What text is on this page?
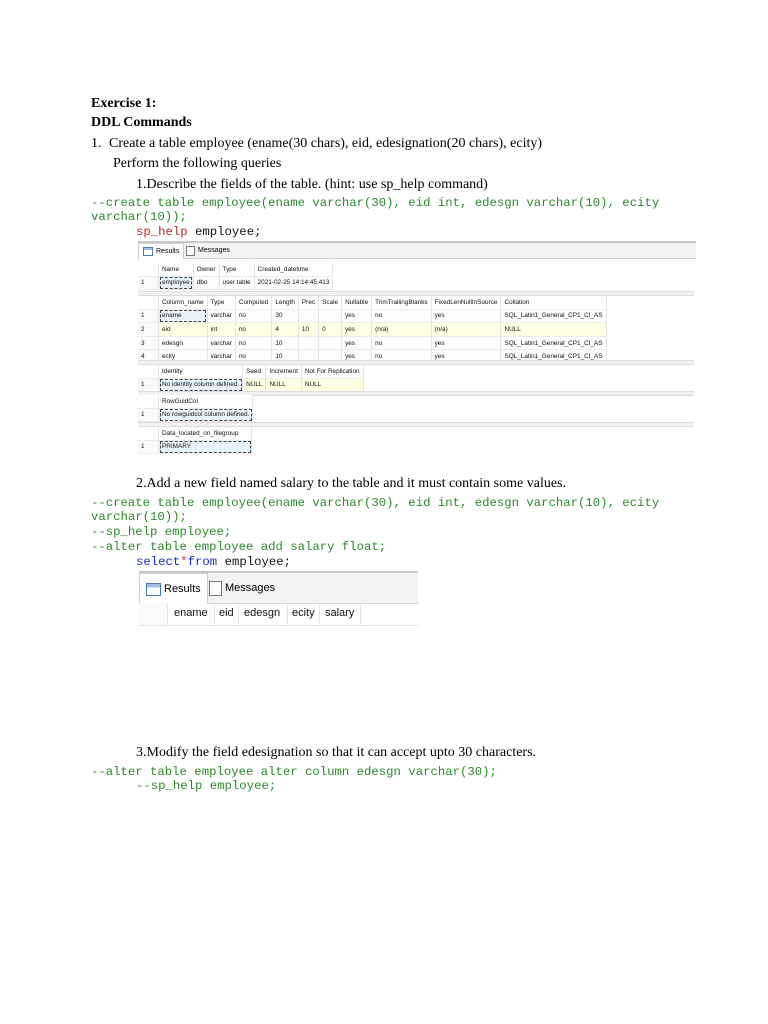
Exercise 1:
DDL Commands
1. Create a table employee (ename(30 chars), eid, edesignation(20 chars), ecity)
Perform the following queries
1.Describe the fields of the table. (hint: use sp_help command)
--create table employee(ename varchar(30), eid int, edesgn varchar(10), ecity
varchar(10));
sp_help employee;
Results	Messages
	Name	Owner	Type	Created_datetime
1	employee	dbo	user table	2021-02-25 14:14:45.413
	Column_name	Type	Computed	Length	Prec	Scale	Nullable	TrimTrailingBlanks	FixedLenNullInSource	Collation
1	ename	varchar	no	30			yes	no	yes	SQL_Latin1_General_CP1_CI_AS
2	eid	int	no	4	10	0	yes	(n/a)	(n/a)	NULL
3	edesgn	varchar	no	10			yes	no	yes	SQL_Latin1_General_CP1_CI_AS
4	ecity	varchar	no	10			yes	no	yes	SQL_Latin1_General_CP1_CI_AS
	Identity	Seed	Increment	Not For Replication
1	No identity column defined.	NULL	NULL	NULL
	RowGuidCol
1	No rowguidcol column defined.
	Data_located_on_filegroup
1	PRIMARY
2.Add a new field named salary to the table and it must contain some values.
--create table employee(ename varchar(30), eid int, edesgn varchar(10), ecity
varchar(10));
--sp_help employee;
--alter table employee add salary float;
select*from employee;
Results Messages
ename eid edesgn ecity salary
3.Modify the field edesignation so that it can accept upto 30 characters.
--alter table employee alter column edesgn varchar(30);
--sp_help employee;
